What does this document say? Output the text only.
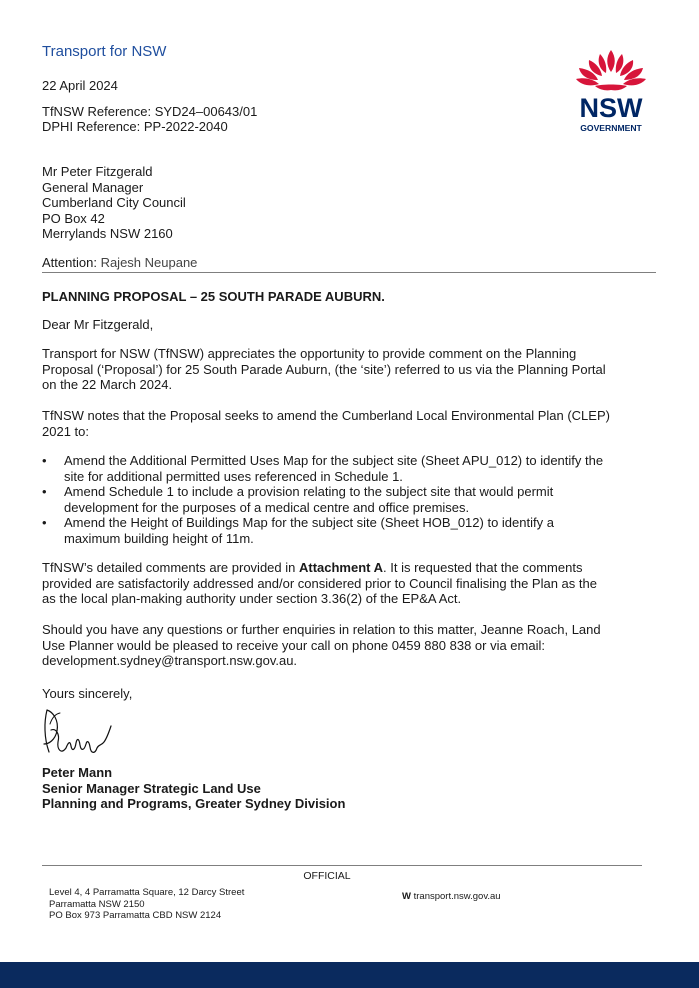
Transport for NSW
NSW
GOVERNMENT
22 April 2024
TfNSW Reference: SYD24–00643/01
DPHI Reference: PP-2022-2040
Mr Peter Fitzgerald
General Manager
Cumberland City Council
PO Box 42
Merrylands NSW 2160
Attention: Rajesh Neupane
PLANNING PROPOSAL – 25 SOUTH PARADE AUBURN.
Dear Mr Fitzgerald,
Transport for NSW (TfNSW) appreciates the opportunity to provide comment on the Planning
Proposal (‘Proposal’) for 25 South Parade Auburn, (the ‘site’) referred to us via the Planning Portal
on the 22 March 2024.
TfNSW notes that the Proposal seeks to amend the Cumberland Local Environmental Plan (CLEP)
2021 to:
• Amend the Additional Permitted Uses Map for the subject site (Sheet APU_012) to identify the
site for additional permitted uses referenced in Schedule 1.
• Amend Schedule 1 to include a provision relating to the subject site that would permit
development for the purposes of a medical centre and office premises.
• Amend the Height of Buildings Map for the subject site (Sheet HOB_012) to identify a
maximum building height of 11m.
TfNSW’s detailed comments are provided in Attachment A. It is requested that the comments
provided are satisfactorily addressed and/or considered prior to Council finalising the Plan as the
as the local plan-making authority under section 3.36(2) of the EP&A Act.
Should you have any questions or further enquiries in relation to this matter, Jeanne Roach, Land
Use Planner would be pleased to receive your call on phone 0459 880 838 or via email:
development.sydney@transport.nsw.gov.au.
Yours sincerely,
Peter Mann
Senior Manager Strategic Land Use
Planning and Programs, Greater Sydney Division
OFFICIAL
Level 4, 4 Parramatta Square, 12 Darcy Street
Parramatta NSW 2150
PO Box 973 Parramatta CBD NSW 2124
W transport.nsw.gov.au
